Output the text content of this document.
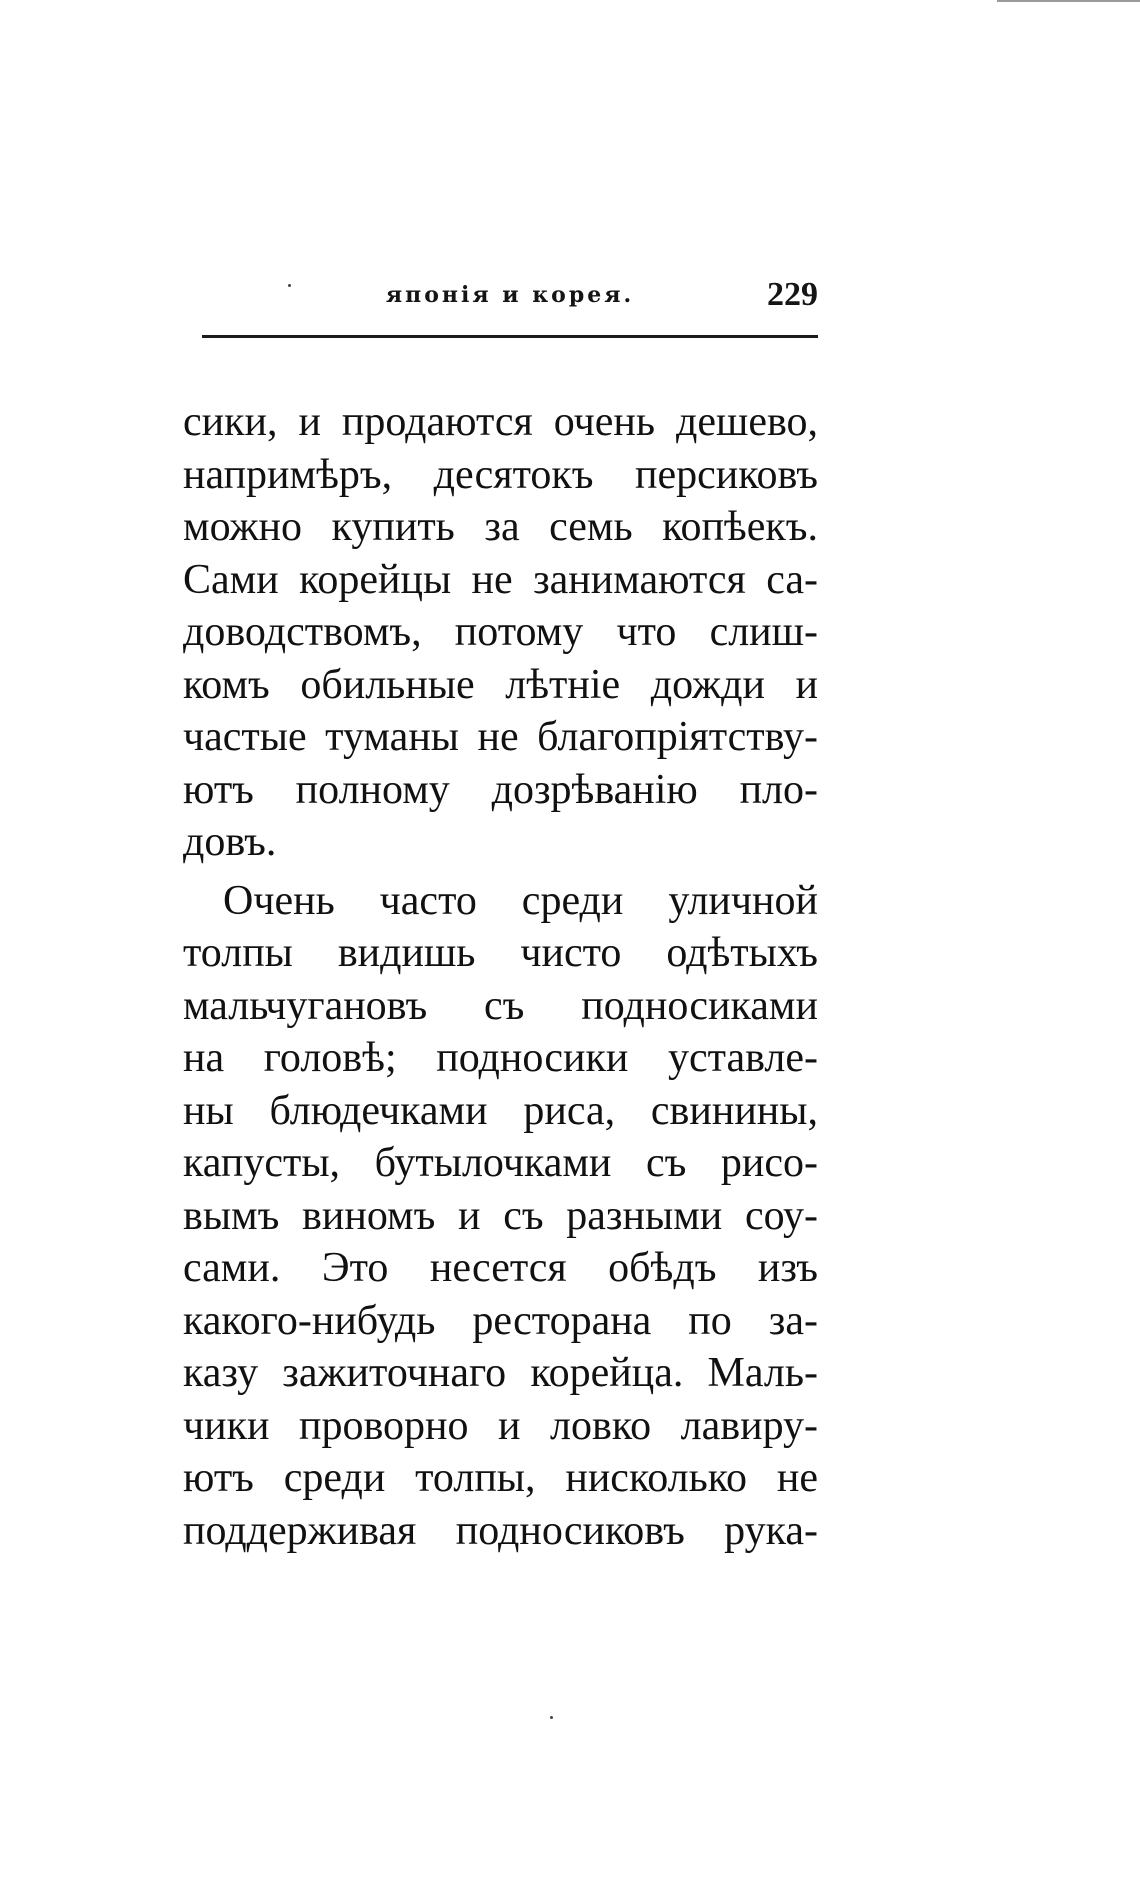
японія и корея.	229
сики, и продаются очень дешево,
напримѣръ, десятокъ персиковъ
можно купить за семь копѣекъ.
Сами корейцы не занимаются са-
доводствомъ, потому что слиш-
комъ обильные лѣтніе дожди и
частые туманы не благопріятству-
ютъ полному дозрѣванію пло-
довъ.
Очень часто среди уличной
толпы видишь чисто одѣтыхъ
мальчугановъ съ подносиками
на головѣ; подносики уставле-
ны блюдечками риса, свинины,
капусты, бутылочками съ рисо-
вымъ виномъ и съ разными соу-
сами. Это несется обѣдъ изъ
какого-нибудь ресторана по за-
казу зажиточнаго корейца. Маль-
чики проворно и ловко лавиру-
ютъ среди толпы, нисколько не
поддерживая подносиковъ рука-
